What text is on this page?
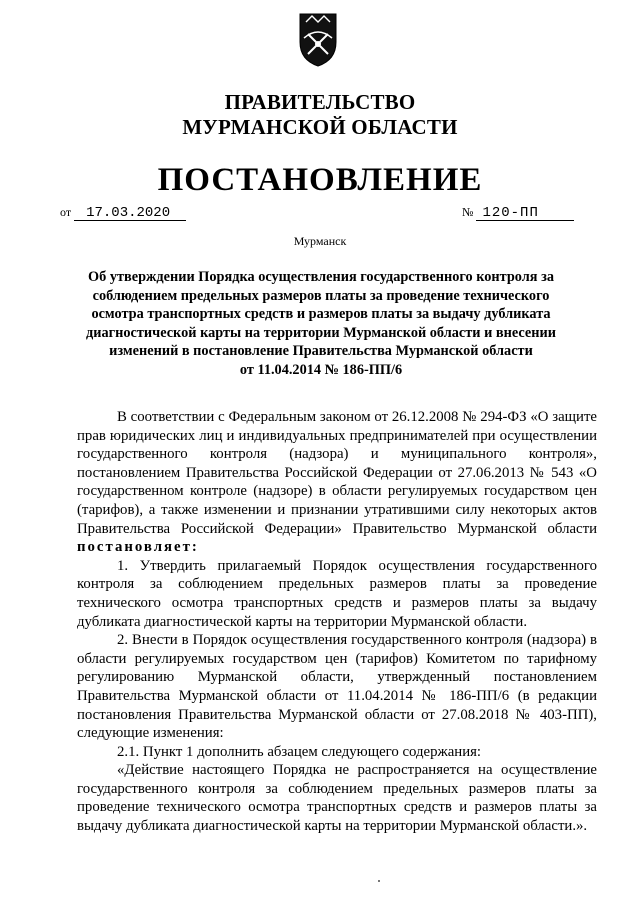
ПРАВИТЕЛЬСТВО
МУРМАНСКОЙ ОБЛАСТИ
ПОСТАНОВЛЕНИЕ
от 17.03.2020	№ 120-ПП
Мурманск
Об утверждении Порядка осуществления государственного контроля за
соблюдением предельных размеров платы за проведение технического
осмотра транспортных средств и размеров платы за выдачу дубликата
диагностической карты на территории Мурманской области и внесении
изменений в постановление Правительства Мурманской области
от 11.04.2014 № 186-ПП/6

В соответствии с Федеральным законом от 26.12.2008 № 294-ФЗ «О защите прав юридических лиц и индивидуальных предпринимателей при осуществлении государственного контроля (надзора) и муниципального контроля», постановлением Правительства Российской Федерации от 27.06.2013 № 543 «О государственном контроле (надзоре) в области регулируемых государством цен (тарифов), а также изменении и признании утратившими силу некоторых актов Правительства Российской Федерации» Правительство Мурманской области постановляет:

1. Утвердить прилагаемый Порядок осуществления государственного контроля за соблюдением предельных размеров платы за проведение технического осмотра транспортных средств и размеров платы за выдачу дубликата диагностической карты на территории Мурманской области.

2. Внести в Порядок осуществления государственного контроля (надзора) в области регулируемых государством цен (тарифов) Комитетом по тарифному регулированию Мурманской области, утвержденный постановлением Правительства Мурманской области от 11.04.2014 № 186-ПП/6 (в редакции постановления Правительства Мурманской области от 27.08.2018 № 403-ПП), следующие изменения:

2.1. Пункт 1 дополнить абзацем следующего содержания:

«Действие настоящего Порядка не распространяется на осуществление государственного контроля за соблюдением предельных размеров платы за проведение технического осмотра транспортных средств и размеров платы за выдачу дубликата диагностической карты на территории Мурманской области.».
